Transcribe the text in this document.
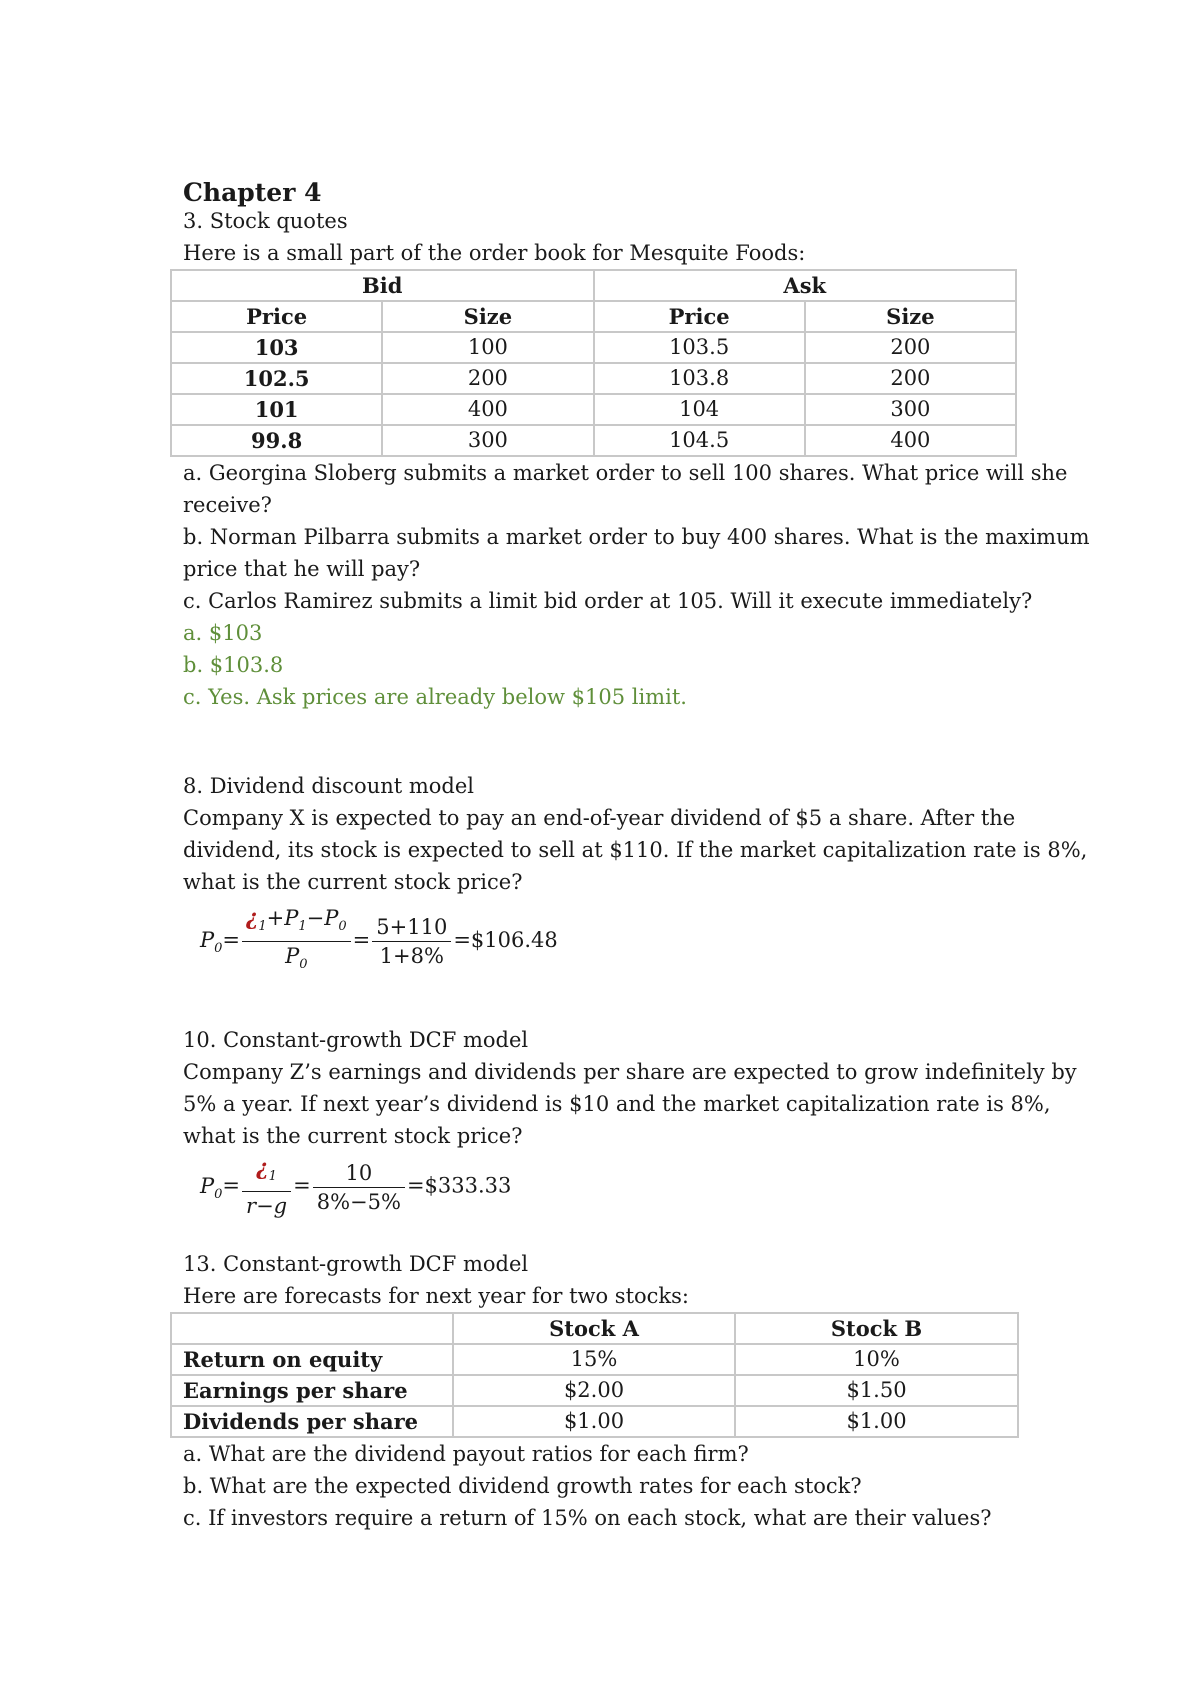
Chapter 4
3. Stock quotes
Here is a small part of the order book for Mesquite Foods:
Bid		Ask	
Price	Size	Price	Size
103	100	103.5	200
102.5	200	103.8	200
101	400	104	300
99.8	300	104.5	400
a. Georgina Sloberg submits a market order to sell 100 shares. What price will she
receive?
b. Norman Pilbarra submits a market order to buy 400 shares. What is the maximum
price that he will pay?
c. Carlos Ramirez submits a limit bid order at 105. Will it execute immediately?
a. $103
b. $103.8
c. Yes. Ask prices are already below $105 limit.
8. Dividend discount model
Company X is expected to pay an end-of-year dividend of $5 a share. After the
dividend, its stock is expected to sell at $110. If the market capitalization rate is 8%,
what is the current stock price?
$P_0= \frac{¿_1+P_1-P_0}{P_0} = \frac{5+110}{1+8\%}$ =$106.48
10. Constant-growth DCF model
Company Z’s earnings and dividends per share are expected to grow indefinitely by
5% a year. If next year’s dividend is $10 and the market capitalization rate is 8%,
what is the current stock price?
$P_0= \frac{¿_1}{r-g} = \frac{10}{8\%-5\%}$ =$333.33
13. Constant-growth DCF model
Here are forecasts for next year for two stocks:
	Stock A	Stock B
Return on equity	15%	10%
Earnings per share	$2.00	$1.50
Dividends per share	$1.00	$1.00
a. What are the dividend payout ratios for each firm?
b. What are the expected dividend growth rates for each stock?
c. If investors require a return of 15% on each stock, what are their values?
